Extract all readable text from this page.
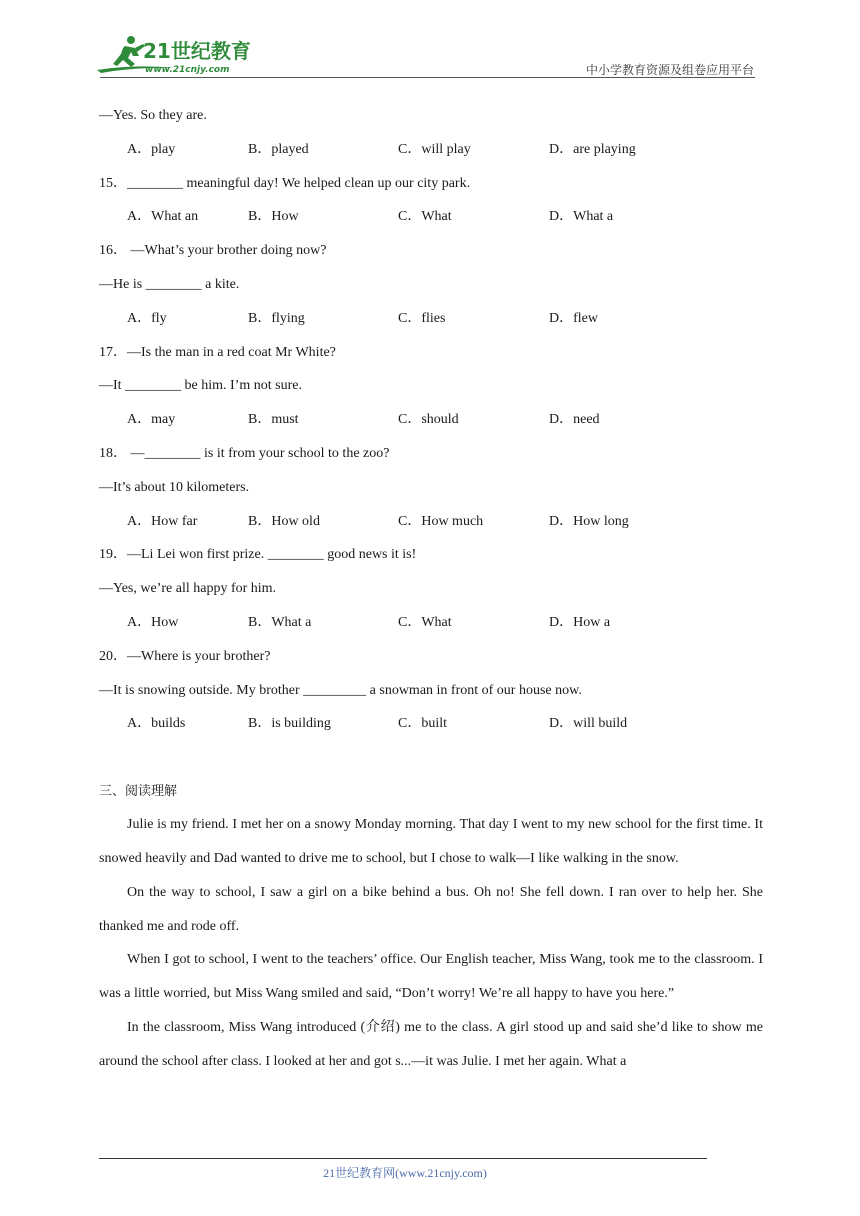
21世纪教育
www.21cnjy.com	中小学教育资源及组卷应用平台
—Yes. So they are.
A．play	B．played	C．will play	D．are playing
15．________ meaningful day! We helped clean up our city park.
A．What an	B．How	C．What	D．What a
16． —What’s your brother doing now?
—He is ________ a kite.
A．fly	B．flying	C．flies	D．flew
17．—Is the man in a red coat Mr White?
—It ________ be him. I’m not sure.
A．may	B．must	C．should	D．need
18． —________ is it from your school to the zoo?
—It’s about 10 kilometers.
A．How far	B．How old	C．How much	D．How long
19．—Li Lei won first prize. ________ good news it is!
—Yes, we’re all happy for him.
A．How	B．What a	C．What	D．How a
20．—Where is your brother?
—It is snowing outside. My brother _________ a snowman in front of our house now.
A．builds	B．is building	C．built	D．will build
三、阅读理解

Julie is my friend. I met her on a snowy Monday morning. That day I went to my new school for the first time. It snowed heavily and Dad wanted to drive me to school, but I chose to walk—I like walking in the snow.

On the way to school, I saw a girl on a bike behind a bus. Oh no! She fell down. I ran over to help her. She thanked me and rode off.

When I got to school, I went to the teachers’ office. Our English teacher, Miss Wang, took me to the classroom. I was a little worried, but Miss Wang smiled and said, “Don’t worry! We’re all happy to have you here.”

In the classroom, Miss Wang introduced (介绍) me to the class. A girl stood up and said she’d like to show me around the school after class. I looked at her and got s...—it was Julie. I met her again. What a

21世纪教育网(www.21cnjy.com)
